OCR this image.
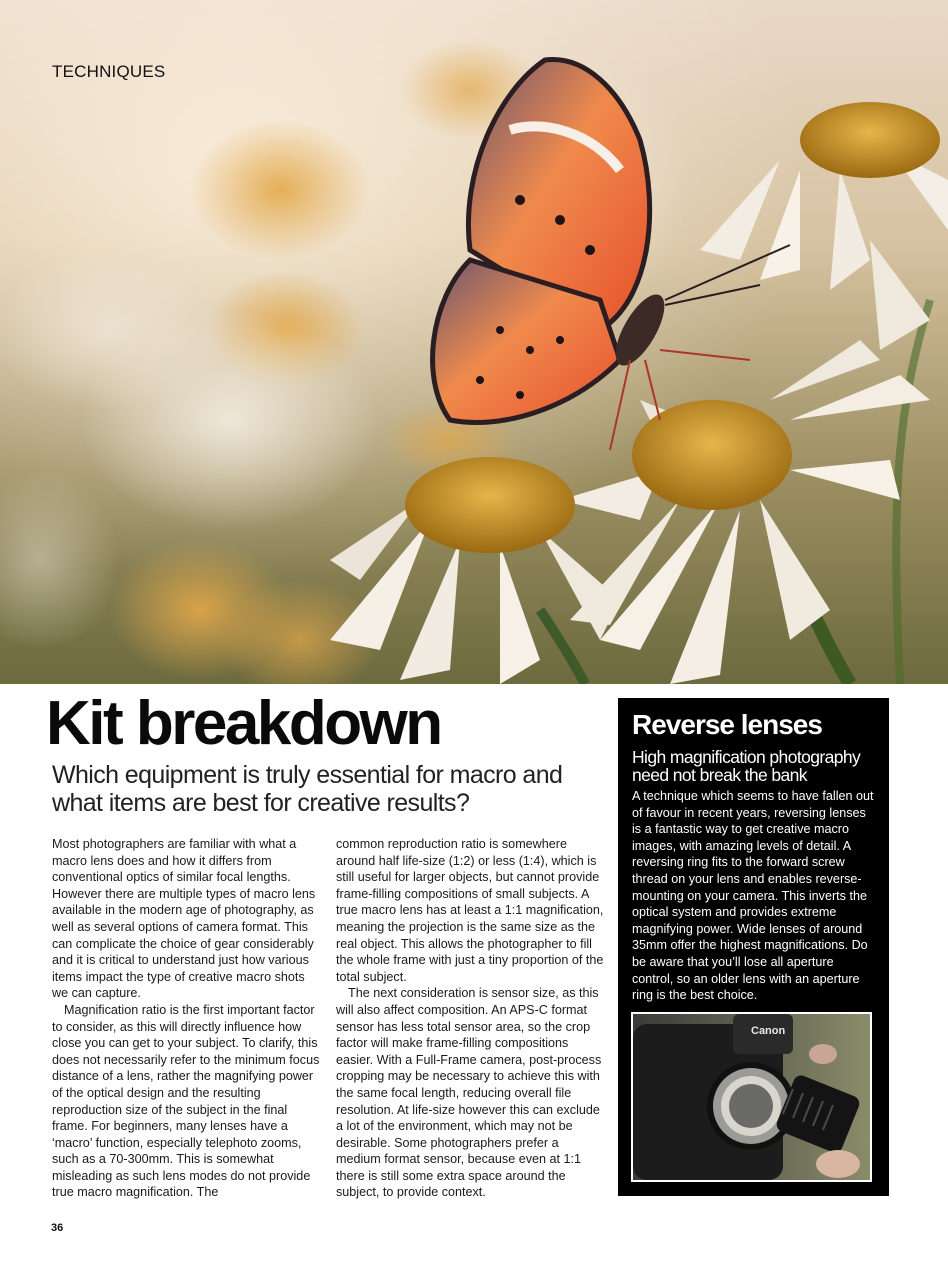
TECHNIQUES
Kit breakdown
Which equipment is truly essential for macro and what items are best for creative results?

Most photographers are familiar with what a macro lens does and how it differs from conventional optics of similar focal lengths. However there are multiple types of macro lens available in the modern age of photography, as well as several options of camera format. This can complicate the choice of gear considerably and it is critical to understand just how various items impact the type of creative macro shots we can capture.

Magnification ratio is the first important factor to consider, as this will directly influence how close you can get to your subject. To clarify, this does not necessarily refer to the minimum focus distance of a lens, rather the magnifying power of the optical design and the resulting reproduction size of the subject in the final frame. For beginners, many lenses have a ‘macro’ function, especially telephoto zooms, such as a 70-300mm. This is somewhat misleading as such lens modes do not provide true macro magnification. The

common reproduction ratio is somewhere around half life-size (1:2) or less (1:4), which is still useful for larger objects, but cannot provide frame-filling compositions of small subjects. A true macro lens has at least a 1:1 magnification, meaning the projection is the same size as the real object. This allows the photographer to fill the whole frame with just a tiny proportion of the total subject.

The next consideration is sensor size, as this will also affect composition. An APS-C format sensor has less total sensor area, so the crop factor will make frame-filling compositions easier. With a Full-Frame camera, post-process cropping may be necessary to achieve this with the same focal length, reducing overall file resolution. At life-size however this can exclude a lot of the environment, which may not be desirable. Some photographers prefer a medium format sensor, because even at 1:1 there is still some extra space around the subject, to provide context.

Reverse lenses
High magnification photography need not break the bank
A technique which seems to have fallen out of favour in recent years, reversing lenses is a fantastic way to get creative macro images, with amazing levels of detail. A reversing ring fits to the forward screw thread on your lens and enables reverse-mounting on your camera. This inverts the optical system and provides extreme magnifying power. Wide lenses of around 35mm offer the highest magnifications. Do be aware that you’ll lose all aperture control, so an older lens with an aperture ring is the best choice.
Canon
36
